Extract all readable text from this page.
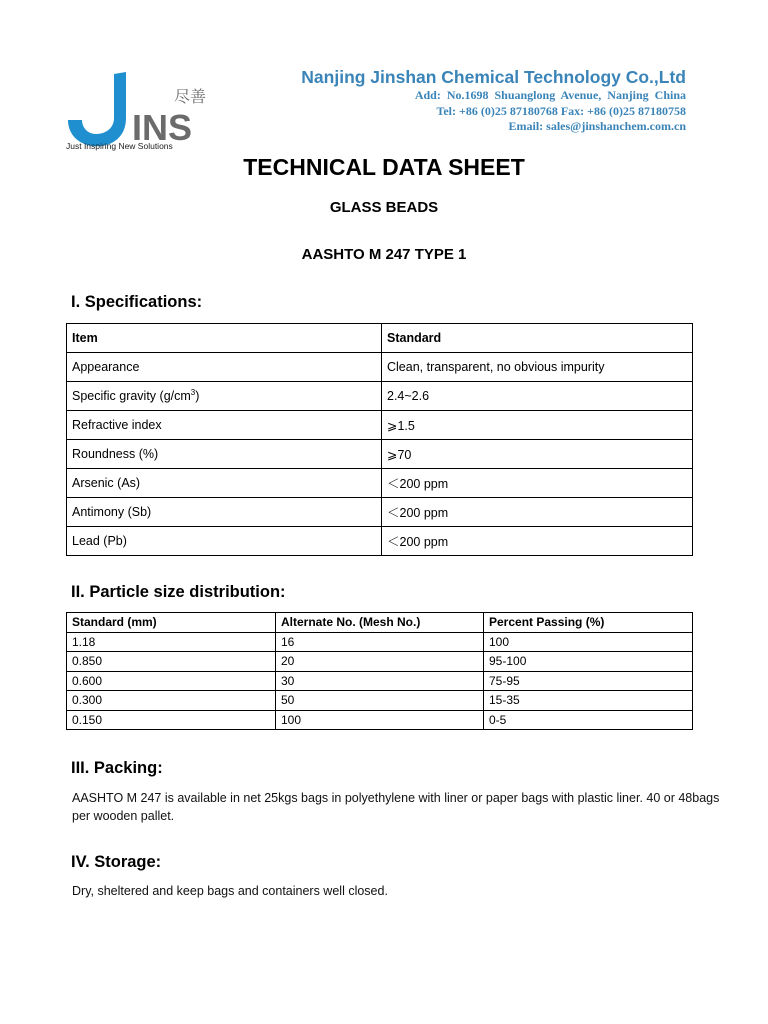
INS
尽善
Just Inspiring New Solutions
Nanjing Jinshan Chemical Technology Co.,Ltd
Add: No.1698 Shuanglong Avenue, Nanjing China
Tel: +86 (0)25 87180768 Fax: +86 (0)25 87180758
Email: sales@jinshanchem.com.cn
TECHNICAL DATA SHEET
GLASS BEADS
AASHTO M 247 TYPE 1
I. Specifications:
Item	Standard
Appearance	Clean, transparent, no obvious impurity
Specific gravity $(g/cm^3)$	2.4~2.6
Refractive index	⩾1.5
Roundness (%)	⩾70
Arsenic (As)	＜200 ppm
Antimony (Sb)	＜200 ppm
Lead (Pb)	＜200 ppm
II. Particle size distribution:
Standard (mm)	Alternate No. (Mesh No.)	Percent Passing (%)
1.18	16	100
0.850	20	95-100
0.600	30	75-95
0.300	50	15-35
0.150	100	0-5
III. Packing:
AASHTO M 247 is available in net 25kgs bags in polyethylene with liner or paper bags with plastic liner. 40 or 48bags per wooden pallet.
IV. Storage:
Dry, sheltered and keep bags and containers well closed.
